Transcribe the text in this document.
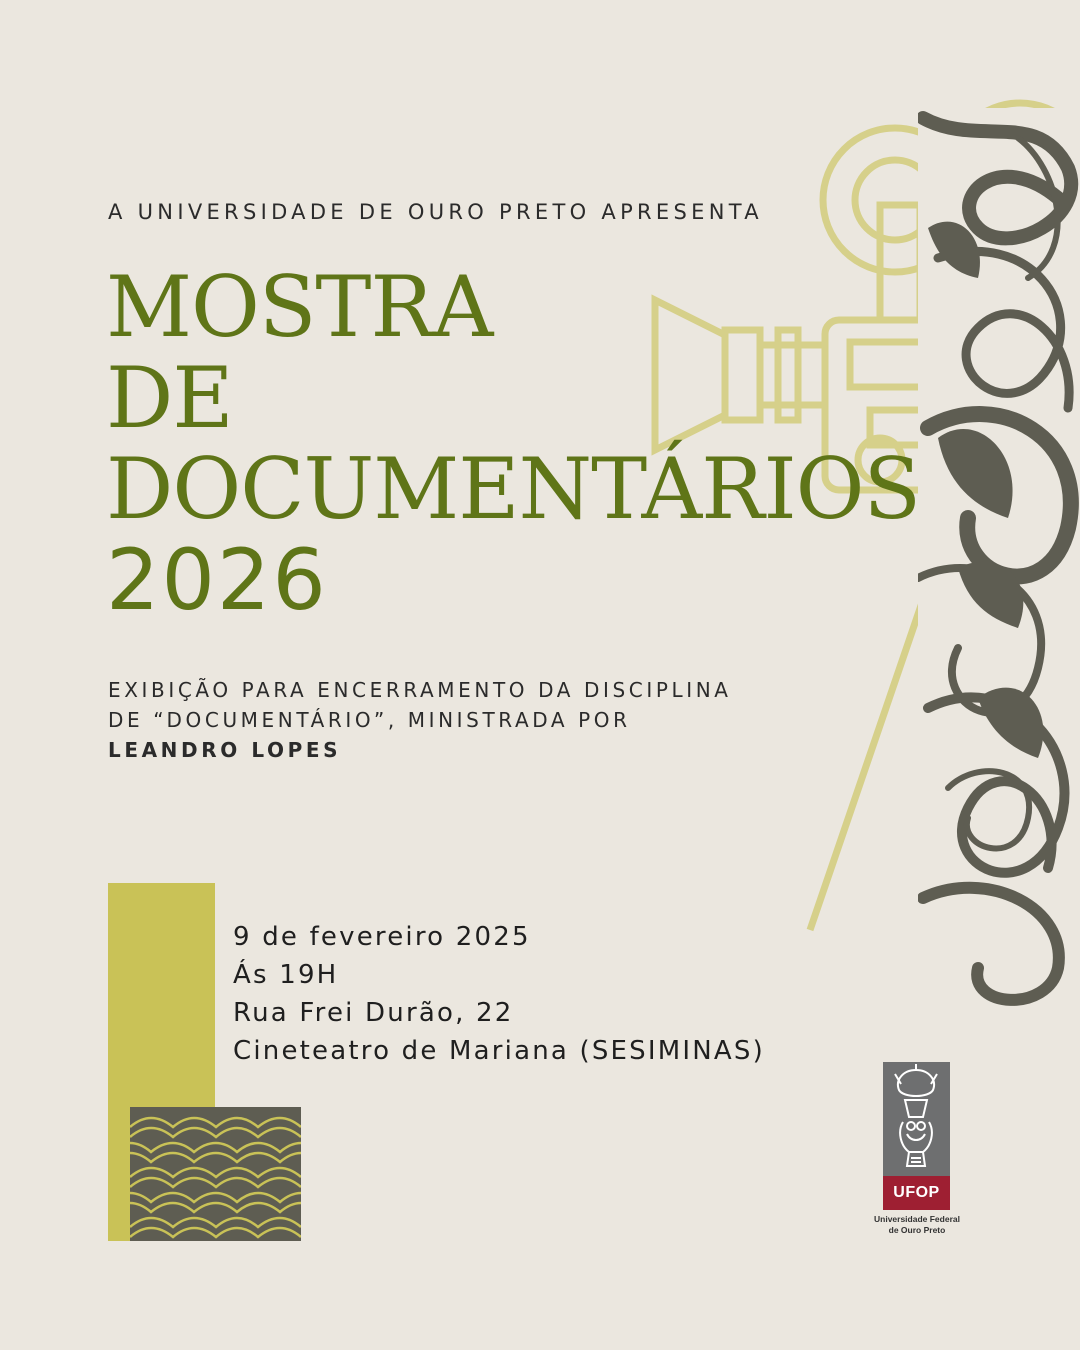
A UNIVERSIDADE DE OURO PRETO APRESENTA
MOSTRA
DE
DOCUMENTÁRIOS
2026
EXIBIÇÃO PARA ENCERRAMENTO DA DISCIPLINA
DE “DOCUMENTÁRIO”, MINISTRADA POR
LEANDRO LOPES
9 de fevereiro 2025
Ás 19H
Rua Frei Durão, 22
Cineteatro de Mariana (SESIMINAS)
UFOP
Universidade Federal
de Ouro Preto
